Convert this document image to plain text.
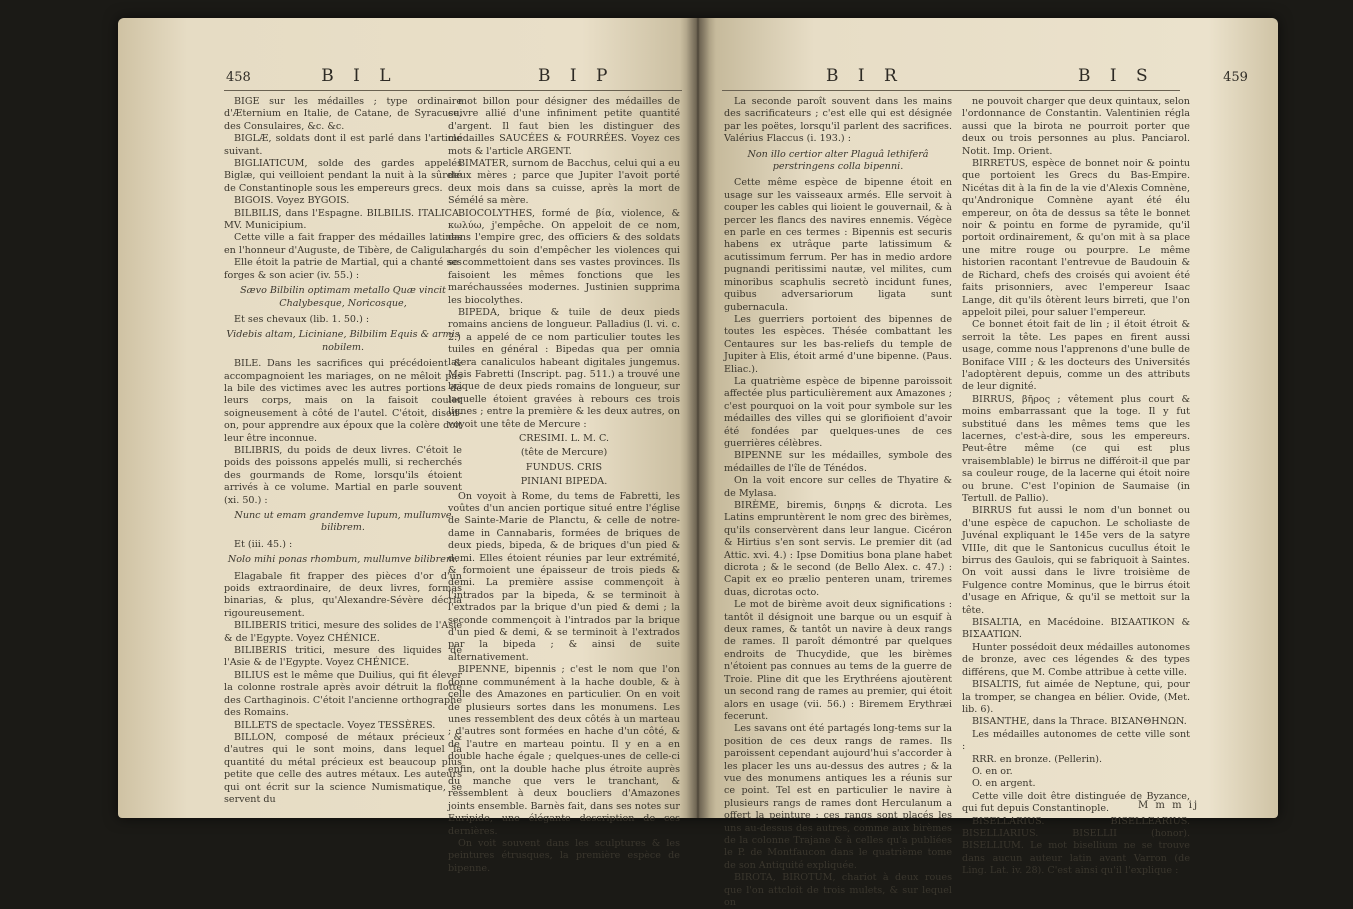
458	B I L	B I P

BIGE sur les médailles ; type ordinaire d'Æternium en Italie, de Catane, de Syracuse, des Consulaires, &c. &c.

BIGLÆ, soldats dont il est parlé dans l'article suivant.

BIGLIATICUM, solde des gardes appelés Biglæ, qui veilloient pendant la nuit à la sûreté de Constantinople sous les empereurs grecs.

BIGOIS. Voyez BYGOIS.

BILBILIS, dans l'Espagne. BILBILIS. ITALICA. MV. Municipium.

Cette ville a fait frapper des médailles latines en l'honneur d'Auguste, de Tibère, de Caligula.

Elle étoit la patrie de Martial, qui a chanté ses forges & son acier (iv. 55.) :

Sævo Bilbilin optimam metallo Quæ vincit Chalybesque, Noricosque,

Et ses chevaux (lib. 1. 50.) :

Videbis altam, Liciniane, Bilbilim Equis & armis nobilem.

BILE. Dans les sacrifices qui précédoient & accompagnoient les mariages, on ne mêloit pas la bile des victimes avec les autres portions de leurs corps, mais on la faisoit couler soigneusement à côté de l'autel. C'étoit, disoit-on, pour apprendre aux époux que la colère doit leur être inconnue.

BILIBRIS, du poids de deux livres. C'étoit le poids des poissons appelés mulli, si recherchés des gourmands de Rome, lorsqu'ils étoient arrivés à ce volume. Martial en parle souvent (xi. 50.) :

Nunc ut emam grandemve lupum, mullumve bilibrem.

Et (iii. 45.) :

Nolo mihi ponas rhombum, mullumve bilibrem.

Elagabale fit frapper des pièces d'or d'un poids extraordinaire, de deux livres, formas binarias, & plus, qu'Alexandre-Sévère décria rigoureusement.

BILIBERIS tritici, mesure des solides de l'Asie & de l'Egypte. Voyez CHÉNICE.

BILIBERIS tritici, mesure des liquides de l'Asie & de l'Egypte. Voyez CHÉNICE.

BILIUS est le même que Duilius, qui fit élever la colonne rostrale après avoir détruit la flotte des Carthaginois. C'étoit l'ancienne orthographe des Romains.

BILLETS de spectacle. Voyez TESSÈRES.

BILLON, composé de métaux précieux & d'autres qui le sont moins, dans lequel la quantité du métal précieux est beaucoup plus petite que celle des autres métaux. Les auteurs qui ont écrit sur la science Numismatique, se servent du

mot billon pour désigner des médailles de cuivre allié d'une infiniment petite quantité d'argent. Il faut bien les distinguer des médailles SAUCÉES & FOURRÉES. Voyez ces mots & l'article ARGENT.

BIMATER, surnom de Bacchus, celui qui a eu deux mères ; parce que Jupiter l'avoit porté deux mois dans sa cuisse, après la mort de Sémélé sa mère.

BIOCOLYTHES, formé de βία, violence, & κωλύω, j'empêche. On appeloit de ce nom, dans l'empire grec, des officiers & des soldats chargés du soin d'empêcher les violences qui se commettoient dans ses vastes provinces. Ils faisoient les mêmes fonctions que les maréchaussées modernes. Justinien supprima les biocolythes.

BIPEDA, brique & tuile de deux pieds romains anciens de longueur. Palladius (l. vi. c. 2.) a appelé de ce nom particulier toutes les tuiles en général : Bipedas qua per omnia latera canaliculos habeant digitales jungemus. Mais Fabretti (Inscript. pag. 511.) a trouvé une brique de deux pieds romains de longueur, sur laquelle étoient gravées à rebours ces trois lignes ; entre la première & les deux autres, on voyoit une tête de Mercure :

CRESIMI. L. M. C.

(tête de Mercure)

FUNDUS. CRIS

PINIANI BIPEDA.

On voyoit à Rome, du tems de Fabretti, les voûtes d'un ancien portique situé entre l'église de Sainte-Marie de Planctu, & celle de notre-dame in Cannabaris, formées de briques de deux pieds, bipeda, & de briques d'un pied & demi. Elles étoient réunies par leur extrémité, & formoient une épaisseur de trois pieds & demi. La première assise commençoit à l'intrados par la bipeda, & se terminoit à l'extrados par la brique d'un pied & demi ; la seconde commençoit à l'intrados par la brique d'un pied & demi, & se terminoit à l'extrados par la bipeda ; & ainsi de suite alternativement.

BIPENNE, bipennis ; c'est le nom que l'on donne communément à la hache double, & à celle des Amazones en particulier. On en voit de plusieurs sortes dans les monumens. Les unes ressemblent des deux côtés à un marteau ; d'autres sont formées en hache d'un côté, & de l'autre en marteau pointu. Il y en a en double hache égale ; quelques-unes de celle-ci enfin, ont la double hache plus étroite auprès du manche que vers le tranchant, & ressemblent à deux boucliers d'Amazones joints ensemble. Barnès fait, dans ses notes sur Euripide, une élégante description de ces dernières.

On voit souvent dans les sculptures & les peintures étrusques, la première espèce de bipenne.

B I R	B I S	459

La seconde paroît souvent dans les mains des sacrificateurs ; c'est elle qui est désignée par les poëtes, lorsqu'il parlent des sacrifices. Valérius Flaccus (i. 193.) :

Non illo certior alter Plaguâ lethiferâ perstringens colla bipenni.

Cette même espèce de bipenne étoit en usage sur les vaisseaux armés. Elle servoit à couper les cables qui lioient le gouvernail, & à percer les flancs des navires ennemis. Végèce en parle en ces termes : Bipennis est securis habens ex utrâque parte latissimum & acutissimum ferrum. Per has in medio ardore pugnandi peritissimi nautæ, vel milites, cum minoribus scaphulis secretò incidunt funes, quibus adversariorum ligata sunt gubernacula.

Les guerriers portoient des bipennes de toutes les espèces. Thésée combattant les Centaures sur les bas-reliefs du temple de Jupiter à Elis, étoit armé d'une bipenne. (Paus. Eliac.).

La quatrième espèce de bipenne paroissoit affectée plus particulièrement aux Amazones ; c'est pourquoi on la voit pour symbole sur les médailles des villes qui se glorifioient d'avoir été fondées par quelques-unes de ces guerrières célèbres.

BIPENNE sur les médailles, symbole des médailles de l'île de Ténédos.

On la voit encore sur celles de Thyatire & de Mylasa.

BIRÈME, biremis, διηρηs & dicrota. Les Latins empruntèrent le nom grec des birèmes, qu'ils conservèrent dans leur langue. Cicéron & Hirtius s'en sont servis. Le premier dit (ad Attic. xvi. 4.) : Ipse Domitius bona plane habet dicrota ; & le second (de Bello Alex. c. 47.) : Capit ex eo prælio penteren unam, triremes duas, dicrotas octo.

Le mot de birème avoit deux significations : tantôt il désignoit une barque ou un esquif à deux rames, & tantôt un navire à deux rangs de rames. Il paroît démontré par quelques endroits de Thucydide, que les birèmes n'étoient pas connues au tems de la guerre de Troie. Pline dit que les Erythréens ajoutèrent un second rang de rames au premier, qui étoit alors en usage (vii. 56.) : Biremem Erythræi fecerunt.

Les savans ont été partagés long-tems sur la position de ces deux rangs de rames. Ils paroissent cependant aujourd'hui s'accorder à les placer les uns au-dessus des autres ; & la vue des monumens antiques les a réunis sur ce point. Tel est en particulier le navire à plusieurs rangs de rames dont Herculanum a offert la peinture : ces rangs sont placés les uns au-dessus des autres, comme aux birèmes de la colonne Trajane & à celles qu'a publiées le P. de Montfaucon dans le quatrième tome de son Antiquité expliquée.

BIROTA, BIROTUM, chariot à deux roues que l'on attcloit de trois mulets, & sur lequel on

ne pouvoit charger que deux quintaux, selon l'ordonnance de Constantin. Valentinien régla aussi que la birota ne pourroit porter que deux ou trois personnes au plus. Panciarol. Notit. Imp. Orient.

BIRRETUS, espèce de bonnet noir & pointu que portoient les Grecs du Bas-Empire. Nicétas dit à la fin de la vie d'Alexis Comnène, qu'Andronique Comnène ayant été élu empereur, on ôta de dessus sa tête le bonnet noir & pointu en forme de pyramide, qu'il portoit ordinairement, & qu'on mit à sa place une mitre rouge ou pourpre. Le même historien racontant l'entrevue de Baudouin & de Richard, chefs des croisés qui avoient été faits prisonniers, avec l'empereur Isaac Lange, dit qu'ils ôtèrent leurs birreti, que l'on appeloit pilei, pour saluer l'empereur.

Ce bonnet étoit fait de lin ; il étoit étroit & serroit la tête. Les papes en firent aussi usage, comme nous l'apprenons d'une bulle de Boniface VIII ; & les docteurs des Universités l'adoptèrent depuis, comme un des attributs de leur dignité.

BIRRUS, βῆρος ; vêtement plus court & moins embarrassant que la toge. Il y fut substitué dans les mêmes tems que les lacernes, c'est-à-dire, sous les empereurs. Peut-être même (ce qui est plus vraisemblable) le birrus ne différoit-il que par sa couleur rouge, de la lacerne qui étoit noire ou brune. C'est l'opinion de Saumaise (in Tertull. de Pallio).

BIRRUS fut aussi le nom d'un bonnet ou d'une espèce de capuchon. Le scholiaste de Juvénal expliquant le 145e vers de la satyre VIIIe, dit que le Santonicus cucullus étoit le birrus des Gaulois, qui se fabriquoit à Saintes. On voit aussi dans le livre troisième de Fulgence contre Mominus, que le birrus étoit d'usage en Afrique, & qu'il se mettoit sur la tête.

BISALTIA, en Macédoine. BIΣAATIKON & BIΣAATIΩN.

Hunter possédoit deux médailles autonomes de bronze, avec ces légendes & des types différens, que M. Combe attribue à cette ville.

BISALTIS, fut aimée de Neptune, qui, pour la tromper, se changea en bélier. Ovide, (Met. lib. 6).

BISANTHE, dans la Thrace. BIΣANΘHNΩN.

Les médailles autonomes de cette ville sont :

RRR. en bronze. (Pellerin).

O. en or.

O. en argent.

Cette ville doit être distinguée de Byzance, qui fut depuis Constantinople.

BISELLARIUS. BISELLEARIUS. BISELLIARIUS. BISELLII (honor). BISELLIUM. Le mot bisellium ne se trouve dans aucun auteur latin avant Varron (de Ling. Lat. iv. 28). C'est ainsi qu'il l'explique :

M m m ij
